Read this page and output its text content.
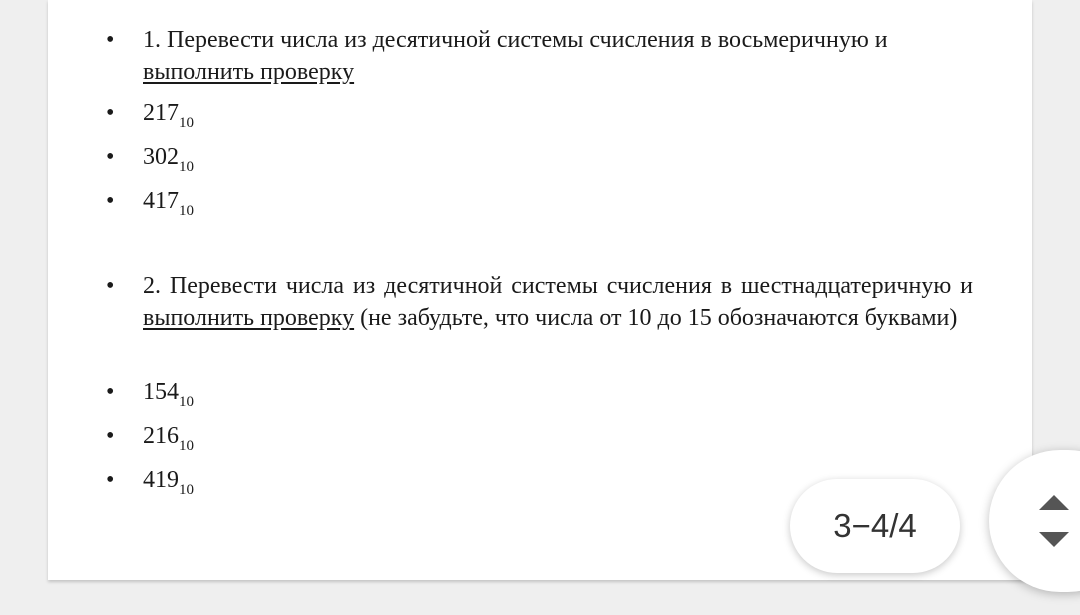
• 1. Перевести числа из десятичной системы счисления в восьмеричную и выполнить проверку
• $217_{10}$
• $302_{10}$
• $417_{10}$
• 2. Перевести числа из десятичной системы счисления в шестнадцатеричную и выполнить проверку (не забудьте, что числа от 10 до 15 обозначаются буквами)
• $154_{10}$
• $216_{10}$
• $419_{10}$
3−4/4
